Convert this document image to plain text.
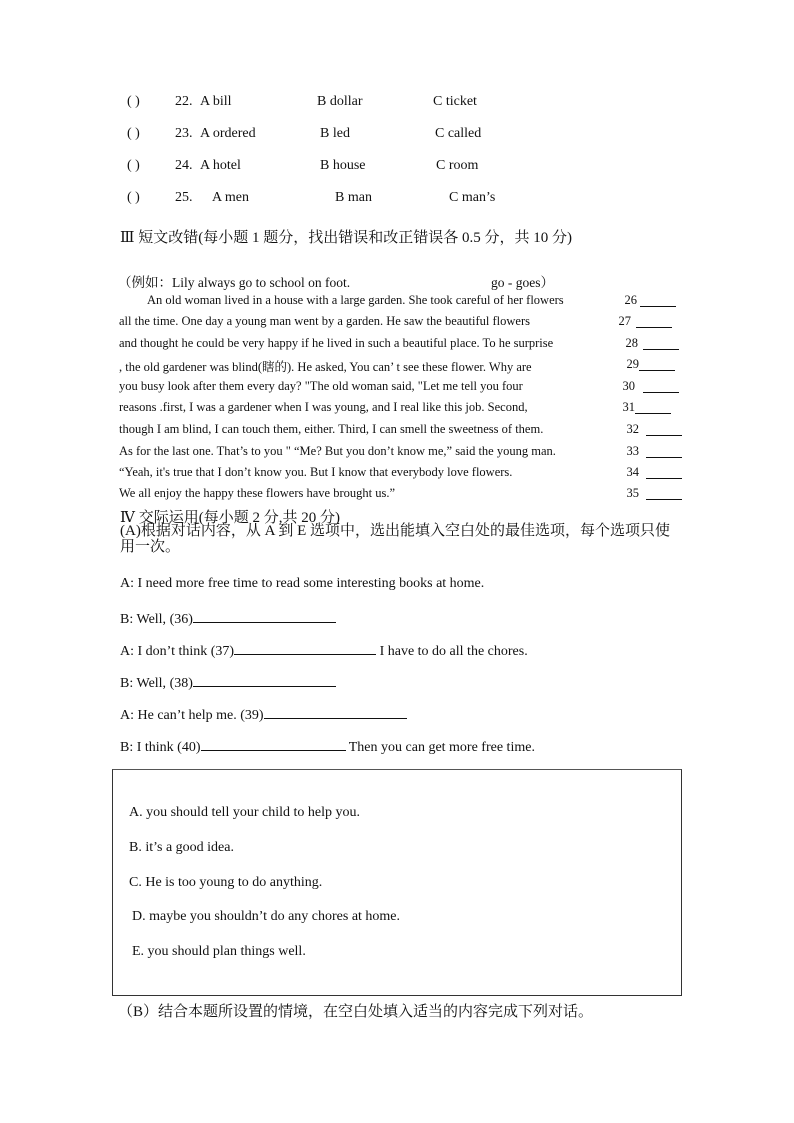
( )	22. A bill	B dollar	C ticket
( )	23. A ordered	B led	C called
( )	24. A hotel	B house	C room
( )	25. A men	B man	C man’s
Ⅲ 短文改错(每小题 1 题分，找出错误和改正错误各 0.5 分，共 10 分)
（例如：Lily always go to school on foot.	go - goes）
An old woman lived in a house with a large garden. She took careful of her flowers	26
all the time. One day a young man went by a garden. He saw the beautiful flowers	27
and thought he could be very happy if he lived in such a beautiful place. To he surprise	28
, the old gardener was blind(瞎的). He asked, You can’ t see these flower. Why are	29
you busy look after them every day? "The old woman said, "Let me tell you four	30
reasons .first, I was a gardener when I was young, and I real like this job. Second,	31
though I am blind, I can touch them, either. Third, I can smell the sweetness of them.	32
As for the last one. That’s to you " “Me? But you don’t know me,” said the young man.	33
“Yeah, it's true that I don’t know you. But I know that everybody love flowers.	34
We all enjoy the happy these flowers have brought us.”	35
Ⅳ 交际运用(每小题 2 分,共 20 分)
(A)根据对话内容，从 A 到 E 选项中，选出能填入空白处的最佳选项，每个选项只使用一次。
A: I need more free time to read some interesting books at home.
B: Well, (36)
A: I don’t think (37)	I have to do all the chores.
B: Well, (38)
A: He can’t help me. (39)
B: I think (40)	Then you can get more free time.
A. you should tell your child to help you.
B. it’s a good idea.
C. He is too young to do anything.
D. maybe you shouldn’t do any chores at home.
E. you should plan things well.
（B）结合本题所设置的情境，在空白处填入适当的内容完成下列对话。
